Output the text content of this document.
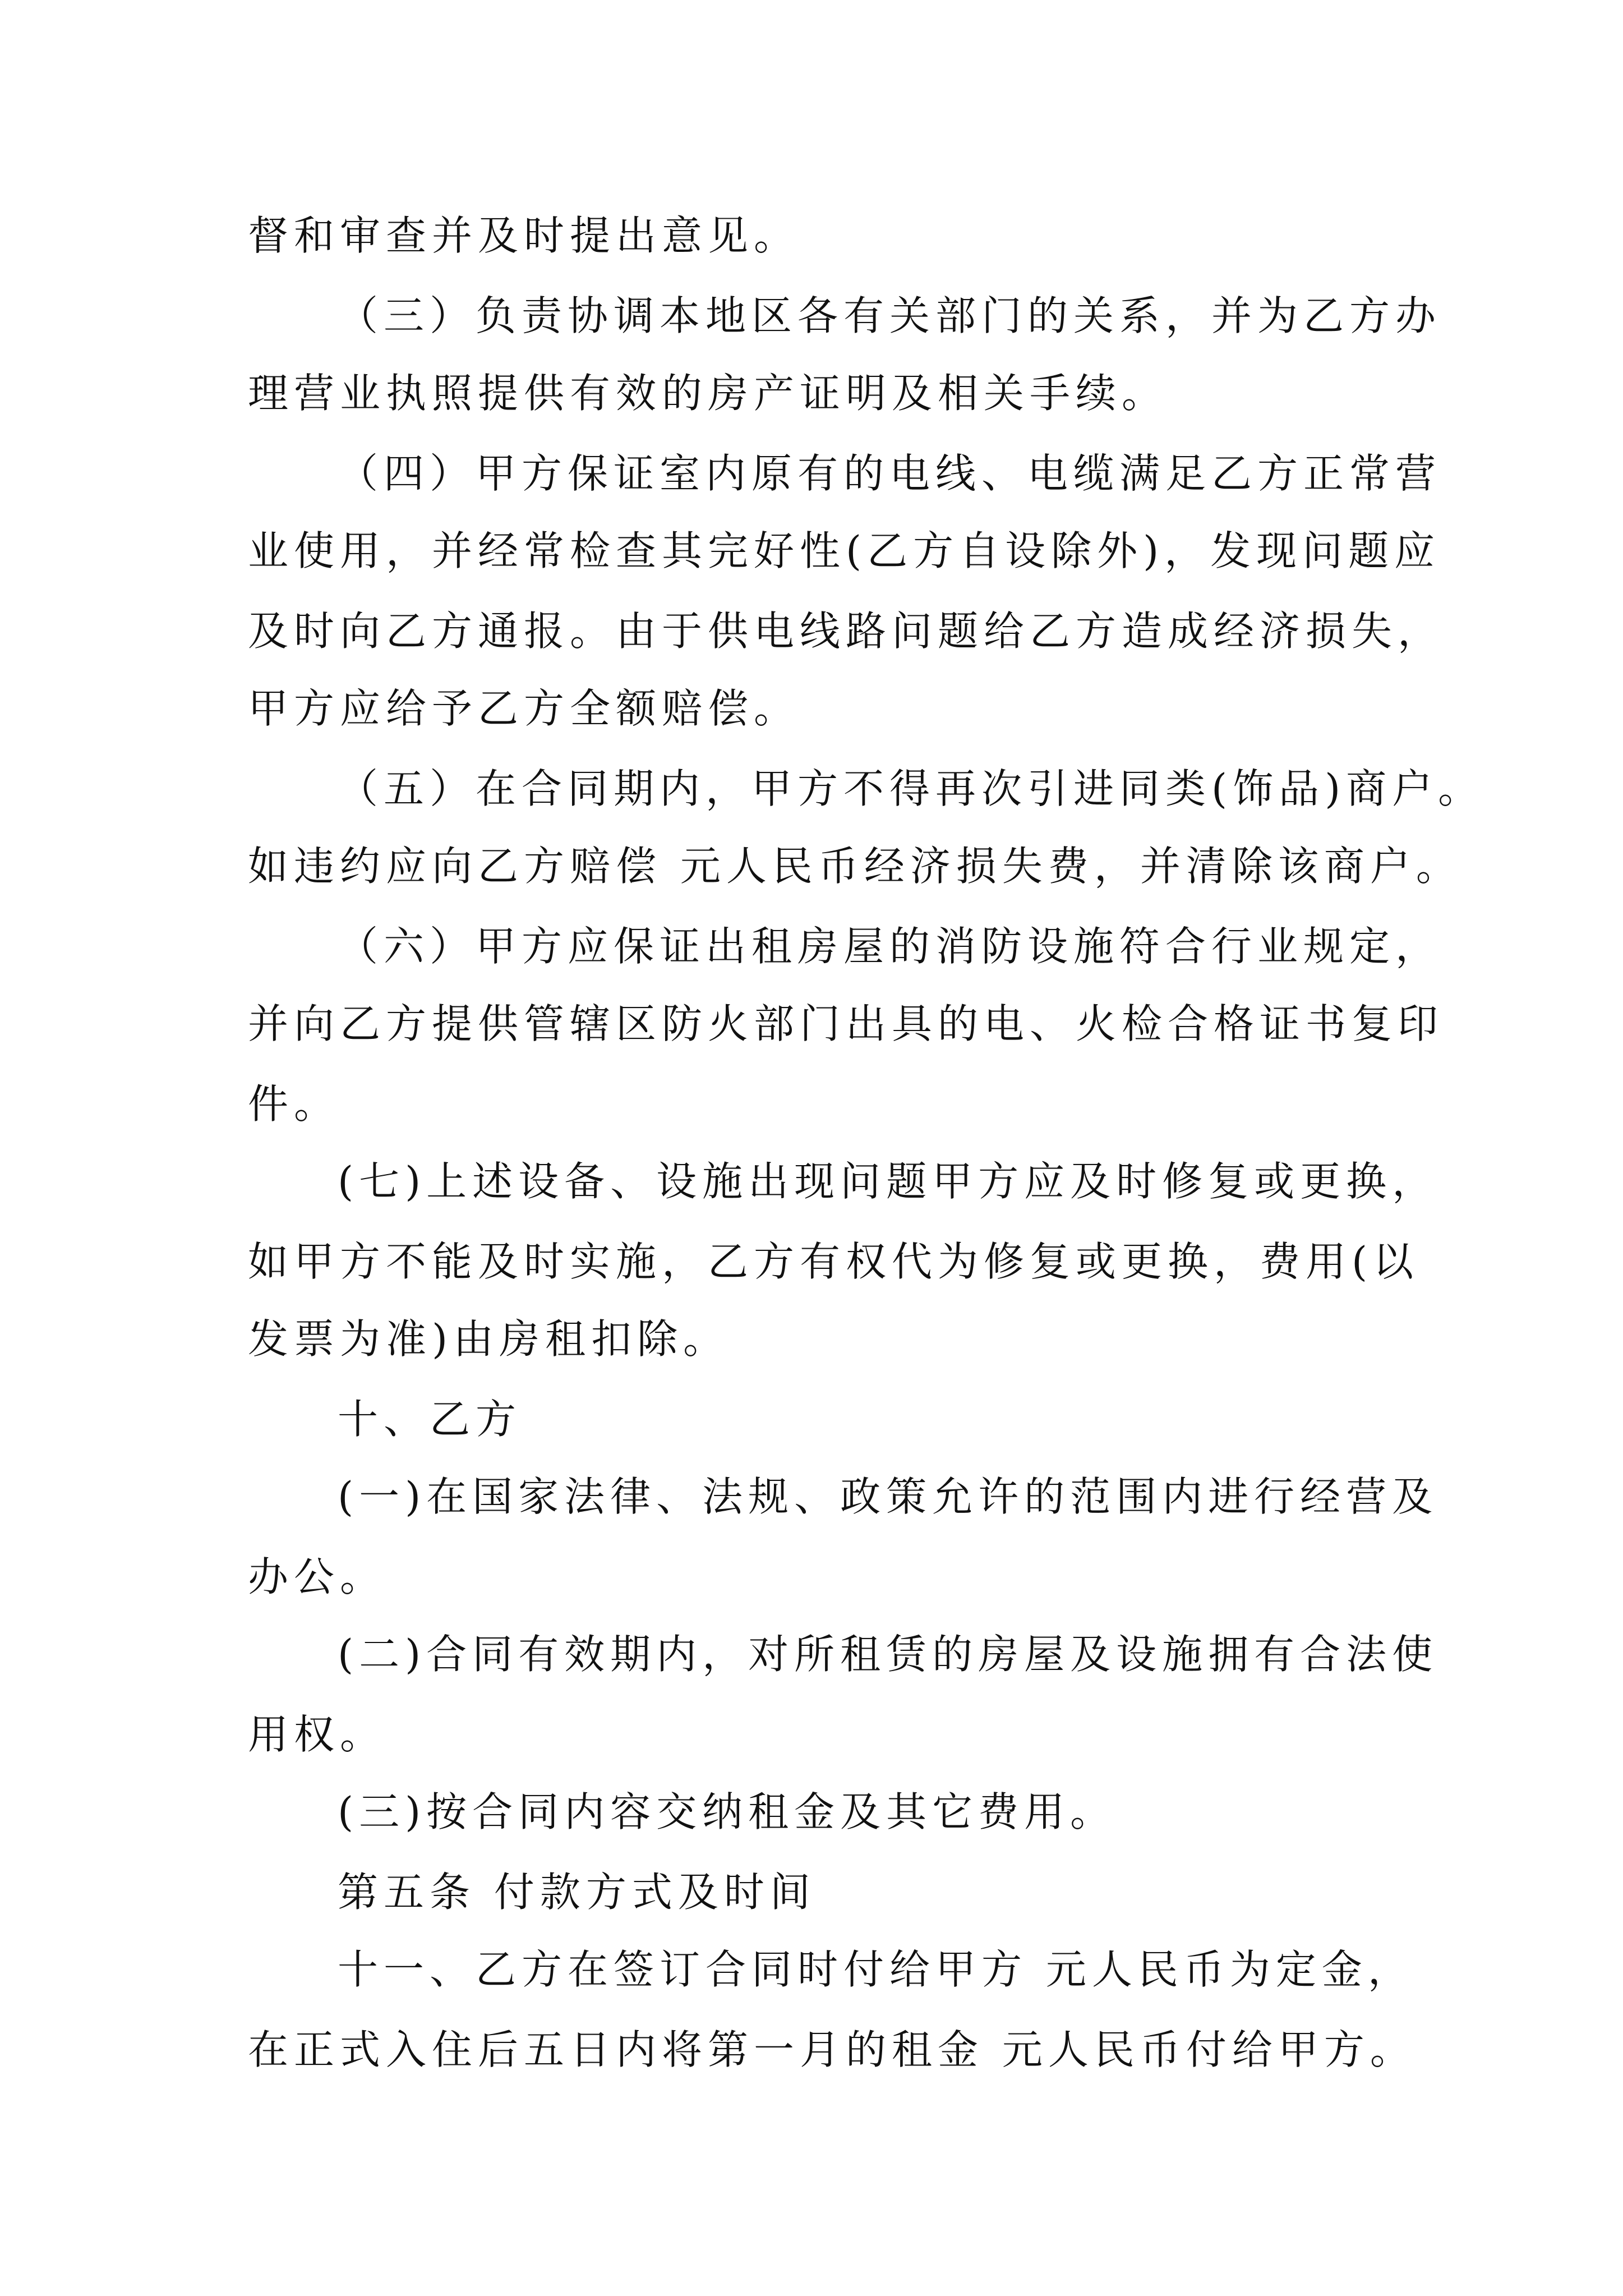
督和审查并及时提出意见。

（三）负责协调本地区各有关部门的关系，并为乙方办

理营业执照提供有效的房产证明及相关手续。

（四）甲方保证室内原有的电线、电缆满足乙方正常营

业使用，并经常检查其完好性(乙方自设除外)，发现问题应

及时向乙方通报。由于供电线路问题给乙方造成经济损失，

甲方应给予乙方全额赔偿。

（五）在合同期内，甲方不得再次引进同类(饰品)商户。

如违约应向乙方赔偿 元人民币经济损失费，并清除该商户。

（六）甲方应保证出租房屋的消防设施符合行业规定，

并向乙方提供管辖区防火部门出具的电、火检合格证书复印

件。

(七)上述设备、设施出现问题甲方应及时修复或更换，

如甲方不能及时实施，乙方有权代为修复或更换，费用(以

发票为准)由房租扣除。

十、乙方

(一)在国家法律、法规、政策允许的范围内进行经营及

办公。

(二)合同有效期内，对所租赁的房屋及设施拥有合法使

用权。

(三)按合同内容交纳租金及其它费用。

第五条 付款方式及时间

十一、乙方在签订合同时付给甲方 元人民币为定金，

在正式入住后五日内将第一月的租金 元人民币付给甲方。
